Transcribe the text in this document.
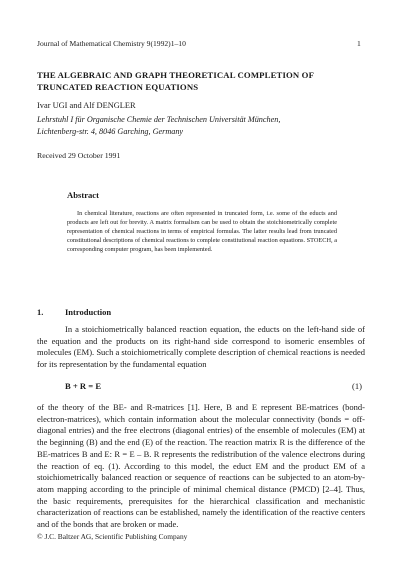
Journal of Mathematical Chemistry 9(1992)1–10	1
THE ALGEBRAIC AND GRAPH THEORETICAL COMPLETION OF TRUNCATED REACTION EQUATIONS
Ivar UGI and Alf DENGLER
Lehrstuhl I für Organische Chemie der Technischen Universität München,
Lichtenberg-str. 4, 8046 Garching, Germany
Received 29 October 1991
Abstract

In chemical literature, reactions are often represented in truncated form, i.e. some of the educts and products are left out for brevity. A matrix formalism can be used to obtain the stoichiometrically complete representation of chemical reactions in terms of empirical formulas. The latter results lead from truncated constitutional descriptions of chemical reactions to complete constitutional reaction equations. STOECH, a corresponding computer program, has been implemented.

1.	Introduction

In a stoichiometrically balanced reaction equation, the educts on the left-hand side of the equation and the products on its right-hand side correspond to isomeric ensembles of molecules (EM). Such a stoichiometrically complete description of chemical reactions is needed for its representation by the fundamental equation

B + R = E	(1)

of the theory of the BE- and R-matrices [1]. Here, B and E represent BE-matrices (bond-electron-matrices), which contain information about the molecular connectivity (bonds = off-diagonal entries) and the free electrons (diagonal entries) of the ensemble of molecules (EM) at the beginning (B) and the end (E) of the reaction. The reaction matrix R is the difference of the BE-matrices B and E: R = E – B. R represents the redistribution of the valence electrons during the reaction of eq. (1). According to this model, the educt EM and the product EM of a stoichiometrically balanced reaction or sequence of reactions can be subjected to an atom-by-atom mapping according to the principle of minimal chemical distance (PMCD) [2–4]. Thus, the basic requirements, prerequisites for the hierarchical classification and mechanistic characterization of reactions can be established, namely the identification of the reactive centers and of the bonds that are broken or made.

© J.C. Baltzer AG, Scientific Publishing Company
